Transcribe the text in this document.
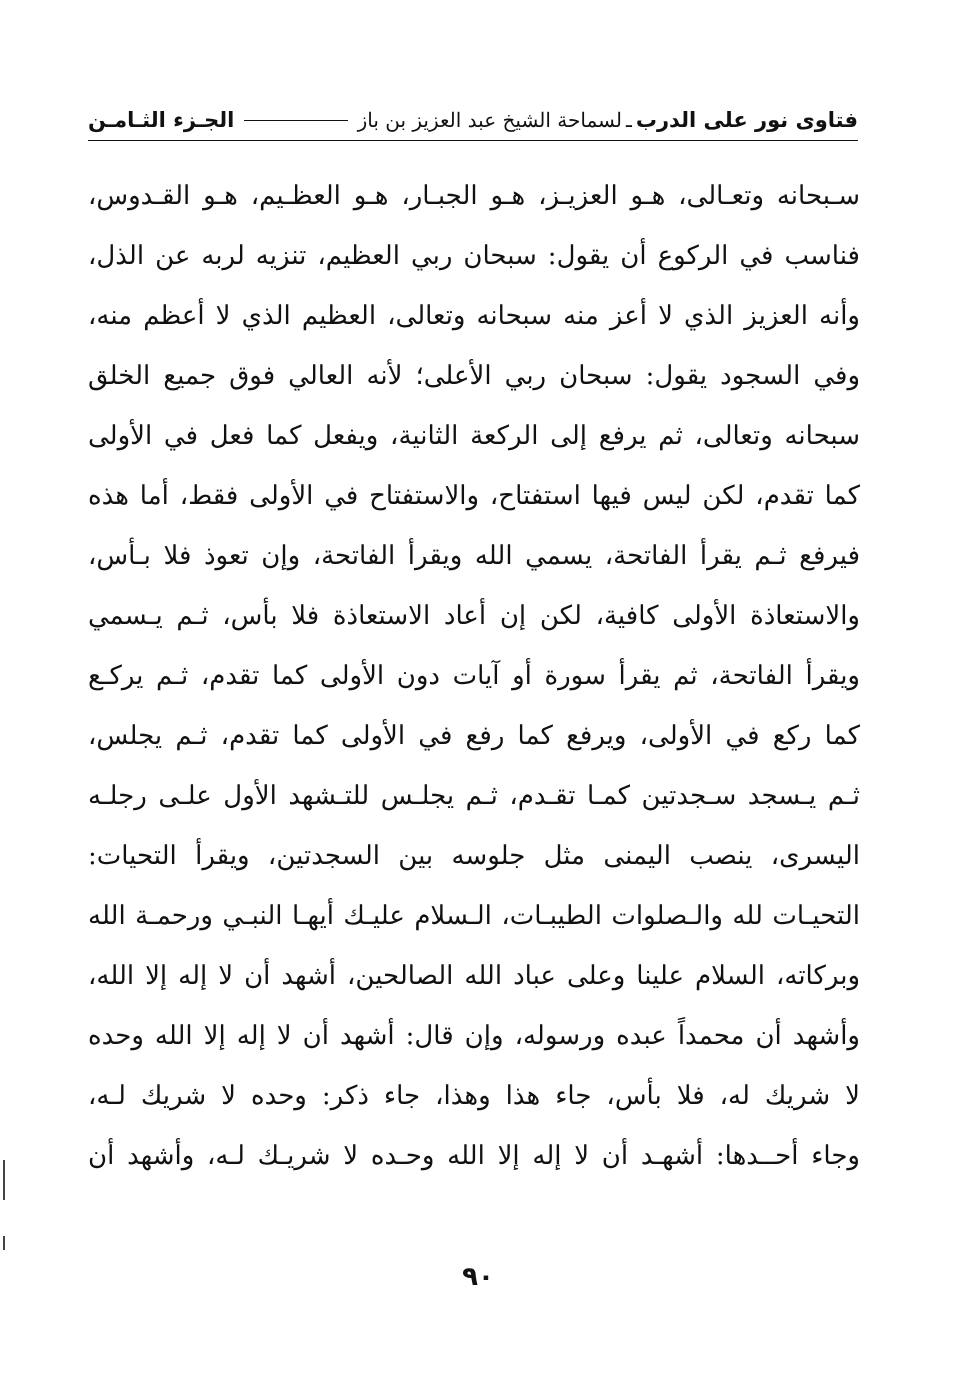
فتاوى نور على الدرب
ـ
لسماحة الشيخ عبد العزيز بن باز
الجـزء الثـامـن
سـبحانه وتعـالى، هـو العزيـز، هـو الجبـار، هـو العظـيم، هـو القـدوس،
فناسب في الركوع أن يقول: سبحان ربي العظيم، تنزيه لربه عن الذل،
وأنه العزيز الذي لا أعز منه سبحانه وتعالى، العظيم الذي لا أعظم منه،
وفي السجود يقول: سبحان ربي الأعلى؛ لأنه العالي فوق جميع الخلق
سبحانه وتعالى، ثم يرفع إلى الركعة الثانية، ويفعل كما فعل في الأولى
كما تقدم، لكن ليس فيها استفتاح، والاستفتاح في الأولى فقط، أما هذه
فيرفع ثـم يقرأ الفاتحة، يسمي الله ويقرأ الفاتحة، وإن تعوذ فلا بـأس،
والاستعاذة الأولى كافية، لكن إن أعاد الاستعاذة فلا بأس، ثـم يـسمي
ويقرأ الفاتحة، ثم يقرأ سورة أو آيات دون الأولى كما تقدم، ثـم يركـع
كما ركع في الأولى، ويرفع كما رفع في الأولى كما تقدم، ثـم يجلس،
ثـم يـسجد سـجدتين كمـا تقـدم، ثـم يجلـس للتـشهد الأول علـى رجلـه
اليسرى، ينصب اليمنى مثل جلوسه بين السجدتين، ويقرأ التحيات:
التحيـات لله والـصلوات الطيبـات، الـسلام عليـك أيهـا النبـي ورحمـة الله
وبركاته، السلام علينا وعلى عباد الله الصالحين، أشهد أن لا إله إلا الله،
وأشهد أن محمداً عبده ورسوله، وإن قال: أشهد أن لا إله إلا الله وحده
لا شريك له، فلا بأس، جاء هذا وهذا، جاء ذكر: وحده لا شريك لـه،
وجاء أحــدها: أشهـد أن لا إله إلا الله وحـده لا شريـك لـه، وأشهد أن
٩٠
